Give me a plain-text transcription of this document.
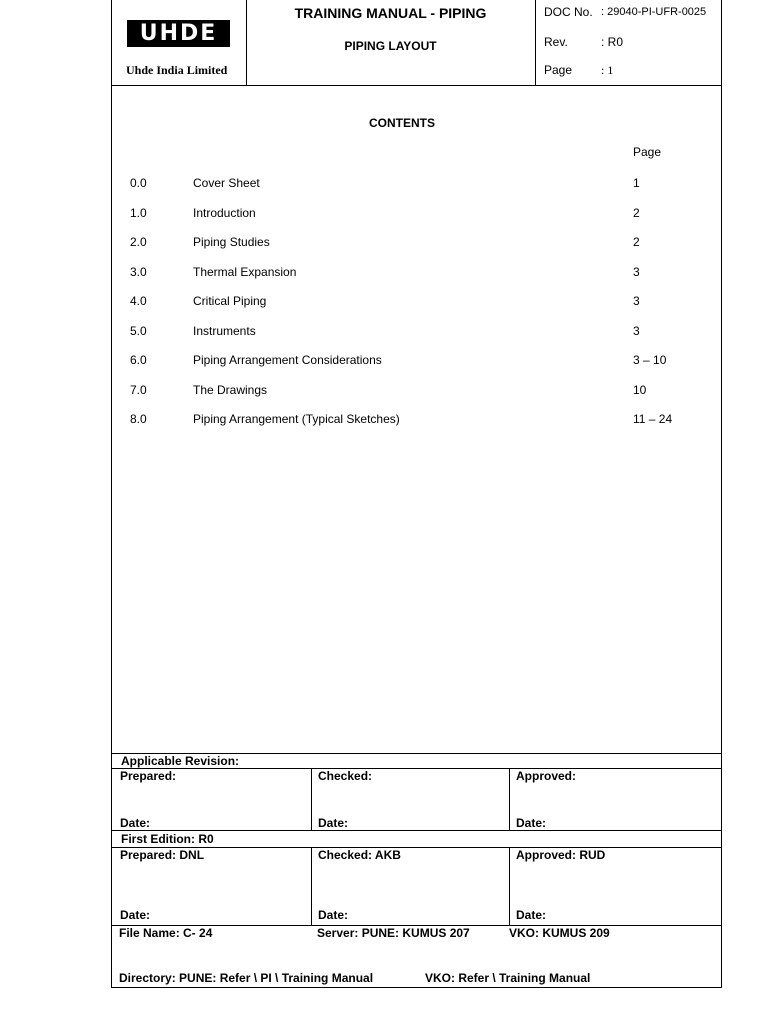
UHDE
Uhde India Limited
TRAINING MANUAL - PIPING
PIPING LAYOUT
DOC No. : 29040-PI-UFR-0025
Rev.	: R0
Page : 1
CONTENTS
Page
0.0	Cover Sheet	1
1.0	Introduction	2
2.0	Piping Studies	2
3.0	Thermal Expansion	3
4.0	Critical Piping	3
5.0	Instruments	3
6.0	Piping Arrangement Considerations	3 – 10
7.0	The Drawings	10
8.0	Piping Arrangement (Typical Sketches)	11 – 24
Applicable Revision:
Prepared:	Checked:	Approved:
Date:	Date:	Date:
First Edition: R0
Prepared: DNL	Checked: AKB	Approved: RUD
Date:	Date:	Date:
File Name: C- 24	Server: PUNE: KUMUS 207	VKO: KUMUS 209
Directory: PUNE: Refer \ PI \ Training Manual	VKO: Refer \ Training Manual
